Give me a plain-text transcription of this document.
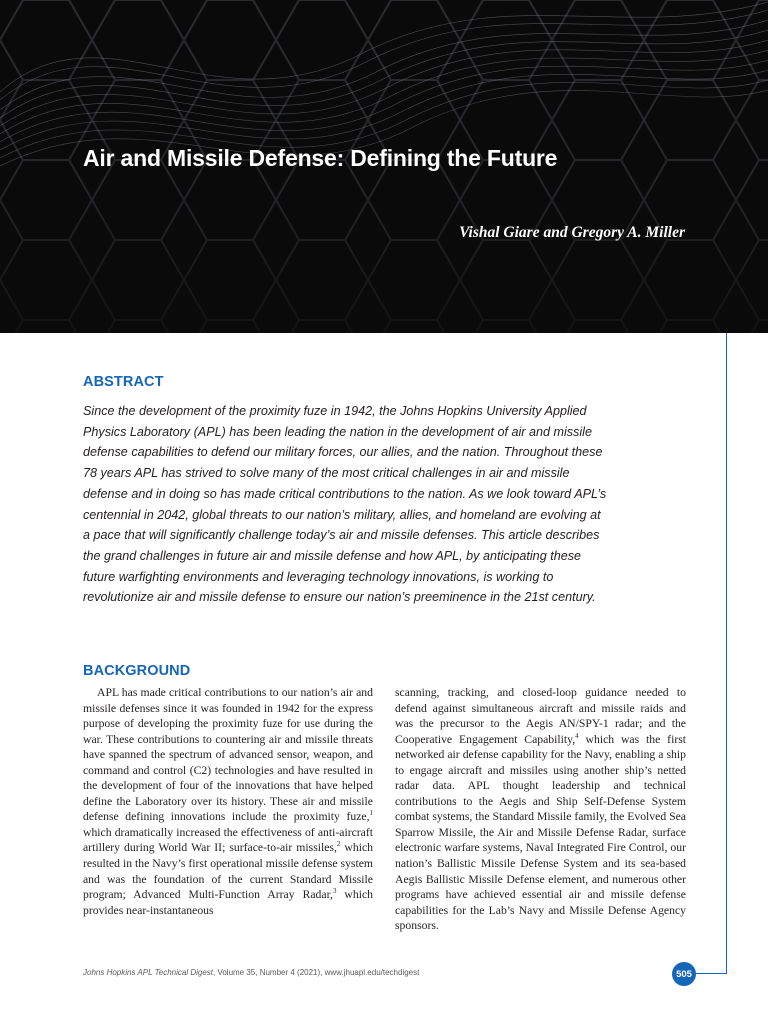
Air and Missile Defense: Defining the Future

Vishal Giare and Gregory A. Miller

ABSTRACT

Since the development of the proximity fuze in 1942, the Johns Hopkins University Applied Physics Laboratory (APL) has been leading the nation in the development of air and missile defense capabilities to defend our military forces, our allies, and the nation. Throughout these 78 years APL has strived to solve many of the most critical challenges in air and missile defense and in doing so has made critical contributions to the nation. As we look toward APL’s centennial in 2042, global threats to our nation’s military, allies, and homeland are evolving at a pace that will significantly challenge today’s air and missile defenses. This article describes the grand challenges in future air and missile defense and how APL, by anticipating these future warfighting environments and leveraging technology innovations, is working to revolutionize air and missile defense to ensure our nation’s preeminence in the 21st century.

BACKGROUND

APL has made critical contributions to our nation’s air and missile defenses since it was founded in 1942 for the express purpose of developing the proximity fuze for use during the war. These contributions to countering air and missile threats have spanned the spectrum of advanced sensor, weapon, and command and control (C2) technologies and have resulted in the development of four of the innovations that have helped define the Laboratory over its history. These air and missile defense defining innovations include the proximity fuze,$^1$ which dramatically increased the effectiveness of anti-aircraft artillery during World War II; surface-to-air missiles,$^2$ which resulted in the Navy’s first operational missile defense system and was the foundation of the current Standard Missile program; Advanced Multi-Function Array Radar,$^3$ which provides near-instantaneous

scanning, tracking, and closed-loop guidance needed to defend against simultaneous aircraft and missile raids and was the precursor to the Aegis AN/SPY-1 radar; and the Cooperative Engagement Capability,$^4$ which was the first networked air defense capability for the Navy, enabling a ship to engage aircraft and missiles using another ship’s netted radar data. APL thought leadership and technical contributions to the Aegis and Ship Self-Defense System combat systems, the Standard Missile family, the Evolved Sea Sparrow Missile, the Air and Missile Defense Radar, surface electronic warfare systems, Naval Integrated Fire Control, our nation’s Ballistic Missile Defense System and its sea-based Aegis Ballistic Missile Defense element, and numerous other programs have achieved essential air and missile defense capabilities for the Lab’s Navy and Missile Defense Agency sponsors.

Johns Hopkins APL Technical Digest, Volume 35, Number 4 (2021), www.jhuapl.edu/techdigest	505
